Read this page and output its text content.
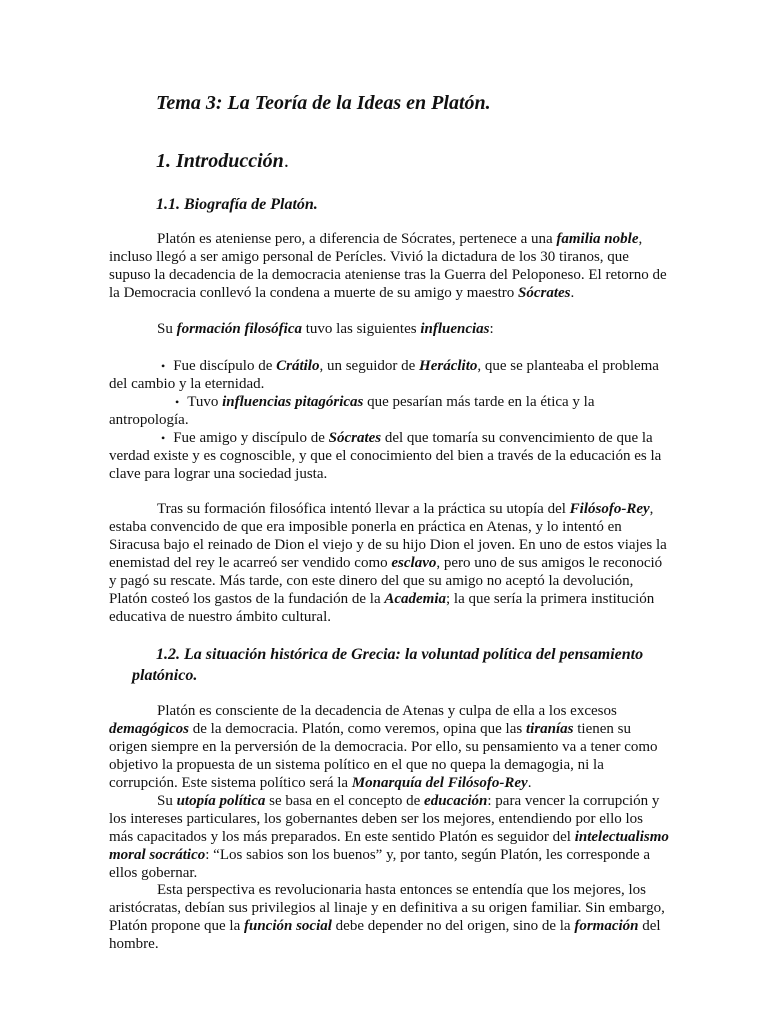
Tema 3: La Teoría de la Ideas en Platón.
1. Introducción.
1.1. Biografía de Platón.

Platón es ateniense pero, a diferencia de Sócrates, pertenece a una familia noble, incluso llegó a ser amigo personal de Perícles. Vivió la dictadura de los 30 tiranos, que supuso la decadencia de la democracia ateniense tras la Guerra del Peloponeso. El retorno de la Democracia conllevó la condena a muerte de su amigo y maestro Sócrates.

Su formación filosófica tuvo las siguientes influencias:

• Fue discípulo de Crátilo, un seguidor de Heráclito, que se planteaba el problema del cambio y la eternidad.

• Tuvo influencias pitagóricas que pesarían más tarde en la ética y la antropología.

• Fue amigo y discípulo de Sócrates del que tomaría su convencimiento de que la verdad existe y es cognoscible, y que el conocimiento del bien a través de la educación es la clave para lograr una sociedad justa.

Tras su formación filosófica intentó llevar a la práctica su utopía del Filósofo-Rey, estaba convencido de que era imposible ponerla en práctica en Atenas, y lo intentó en Siracusa bajo el reinado de Dion el viejo y de su hijo Dion el joven. En uno de estos viajes la enemistad del rey le acarreó ser vendido como esclavo, pero uno de sus amigos le reconoció y pagó su rescate. Más tarde, con este dinero del que su amigo no aceptó la devolución, Platón costeó los gastos de la fundación de la Academia; la que sería la primera institución educativa de nuestro ámbito cultural.

1.2. La situación histórica de Grecia: la voluntad política del pensamiento platónico.

Platón es consciente de la decadencia de Atenas y culpa de ella a los excesos demagógicos de la democracia. Platón, como veremos, opina que las tiranías tienen su origen siempre en la perversión de la democracia. Por ello, su pensamiento va a tener como objetivo la propuesta de un sistema político en el que no quepa la demagogia, ni la corrupción. Este sistema político será la Monarquía del Filósofo-Rey.

Su utopía política se basa en el concepto de educación: para vencer la corrupción y los intereses particulares, los gobernantes deben ser los mejores, entendiendo por ello los más capacitados y los más preparados. En este sentido Platón es seguidor del intelectualismo moral socrático: “Los sabios son los buenos” y, por tanto, según Platón, les corresponde a ellos gobernar.

Esta perspectiva es revolucionaria hasta entonces se entendía que los mejores, los aristócratas, debían sus privilegios al linaje y en definitiva a su origen familiar. Sin embargo, Platón propone que la función social debe depender no del origen, sino de la formación del hombre.
